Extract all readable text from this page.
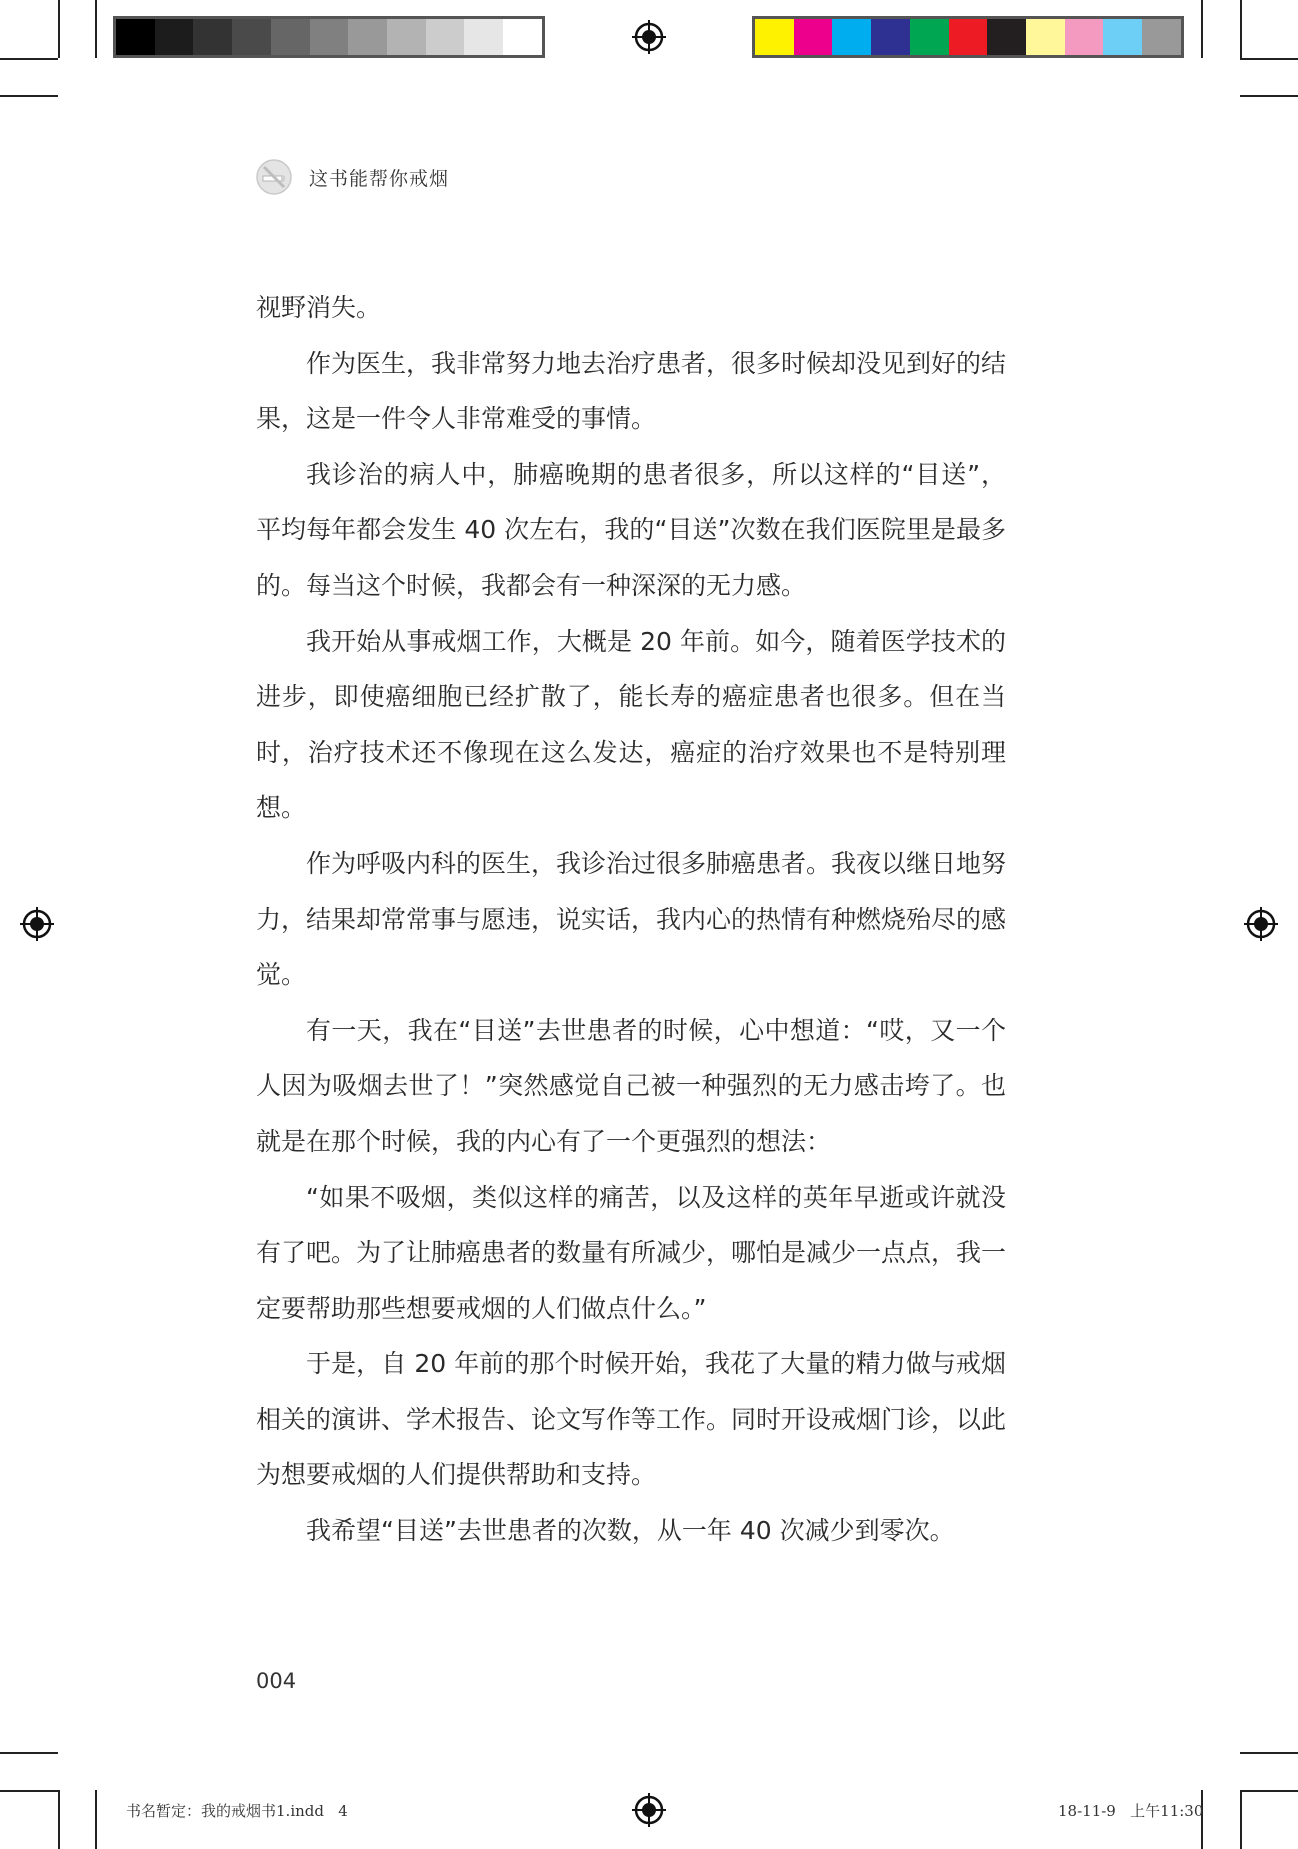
这书能帮你戒烟

视野消失。

作为医生，我非常努力地去治疗患者，很多时候却没见到好的结果，这是一件令人非常难受的事情。

我诊治的病人中，肺癌晚期的患者很多，所以这样的“目送”，平均每年都会发生 40 次左右，我的“目送”次数在我们医院里是最多的。每当这个时候，我都会有一种深深的无力感。

我开始从事戒烟工作，大概是 20 年前。如今，随着医学技术的进步，即使癌细胞已经扩散了，能长寿的癌症患者也很多。但在当时，治疗技术还不像现在这么发达，癌症的治疗效果也不是特别理想。

作为呼吸内科的医生，我诊治过很多肺癌患者。我夜以继日地努力，结果却常常事与愿违，说实话，我内心的热情有种燃烧殆尽的感觉。

有一天，我在“目送”去世患者的时候，心中想道：“哎，又一个人因为吸烟去世了！”突然感觉自己被一种强烈的无力感击垮了。也就是在那个时候，我的内心有了一个更强烈的想法：

“如果不吸烟，类似这样的痛苦，以及这样的英年早逝或许就没有了吧。为了让肺癌患者的数量有所减少，哪怕是减少一点点，我一定要帮助那些想要戒烟的人们做点什么。”

于是，自 20 年前的那个时候开始，我花了大量的精力做与戒烟相关的演讲、学术报告、论文写作等工作。同时开设戒烟门诊，以此为想要戒烟的人们提供帮助和支持。

我希望“目送”去世患者的次数，从一年 40 次减少到零次。

004
书名暂定：我的戒烟书1.indd   4	18-11-9   上午11:30
